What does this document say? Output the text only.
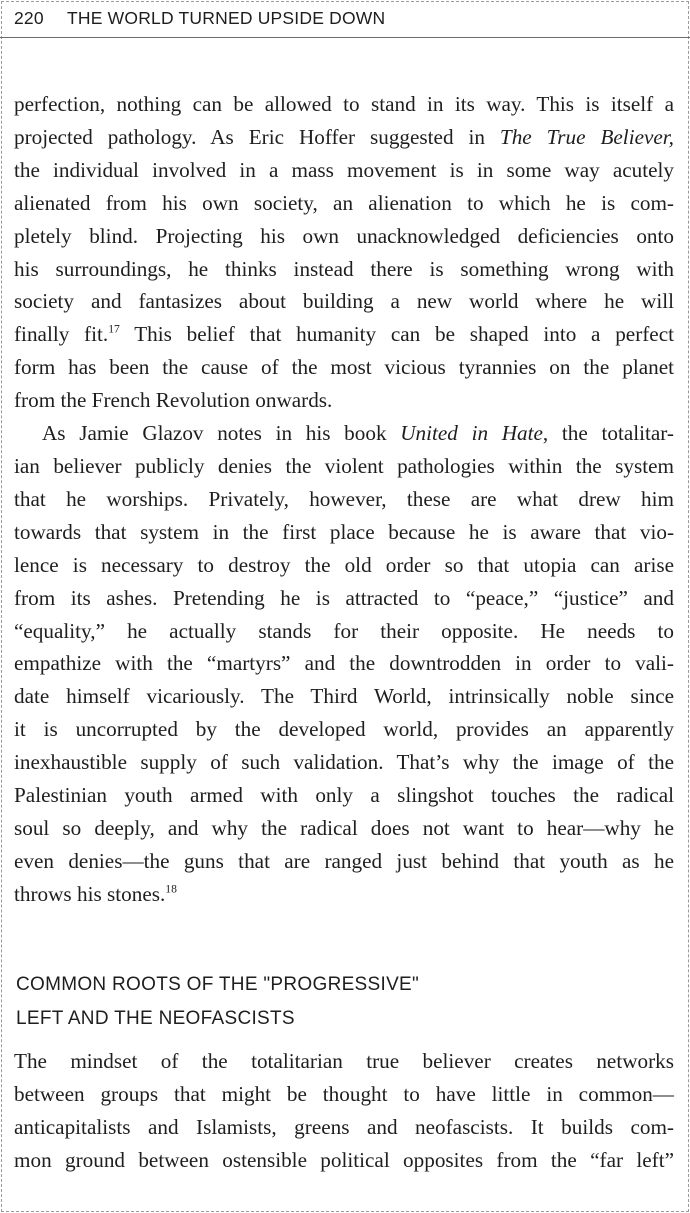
220 THE WORLD TURNED UPSIDE DOWN

perfection, nothing can be allowed to stand in its way. This is itself a

projected pathology. As Eric Hoffer suggested in The True Believer,

the individual involved in a mass movement is in some way acutely

alienated from his own society, an alienation to which he is com-

pletely blind. Projecting his own unacknowledged deficiencies onto

his surroundings, he thinks instead there is something wrong with

society and fantasizes about building a new world where he will

finally fit.$^{17}$ This belief that humanity can be shaped into a perfect

form has been the cause of the most vicious tyrannies on the planet

from the French Revolution onwards.

As Jamie Glazov notes in his book United in Hate, the totalitar-

ian believer publicly denies the violent pathologies within the system

that he worships. Privately, however, these are what drew him

towards that system in the first place because he is aware that vio-

lence is necessary to destroy the old order so that utopia can arise

from its ashes. Pretending he is attracted to “peace,” “justice” and

“equality,” he actually stands for their opposite. He needs to

empathize with the “martyrs” and the downtrodden in order to vali-

date himself vicariously. The Third World, intrinsically noble since

it is uncorrupted by the developed world, provides an apparently

inexhaustible supply of such validation. That’s why the image of the

Palestinian youth armed with only a slingshot touches the radical

soul so deeply, and why the radical does not want to hear—why he

even denies—the guns that are ranged just behind that youth as he

throws his stones.$^{18}$

COMMON ROOTS OF THE "PROGRESSIVE"
LEFT AND THE NEOFASCISTS

The mindset of the totalitarian true believer creates networks

between groups that might be thought to have little in common—

anticapitalists and Islamists, greens and neofascists. It builds com-

mon ground between ostensible political opposites from the “far left”
